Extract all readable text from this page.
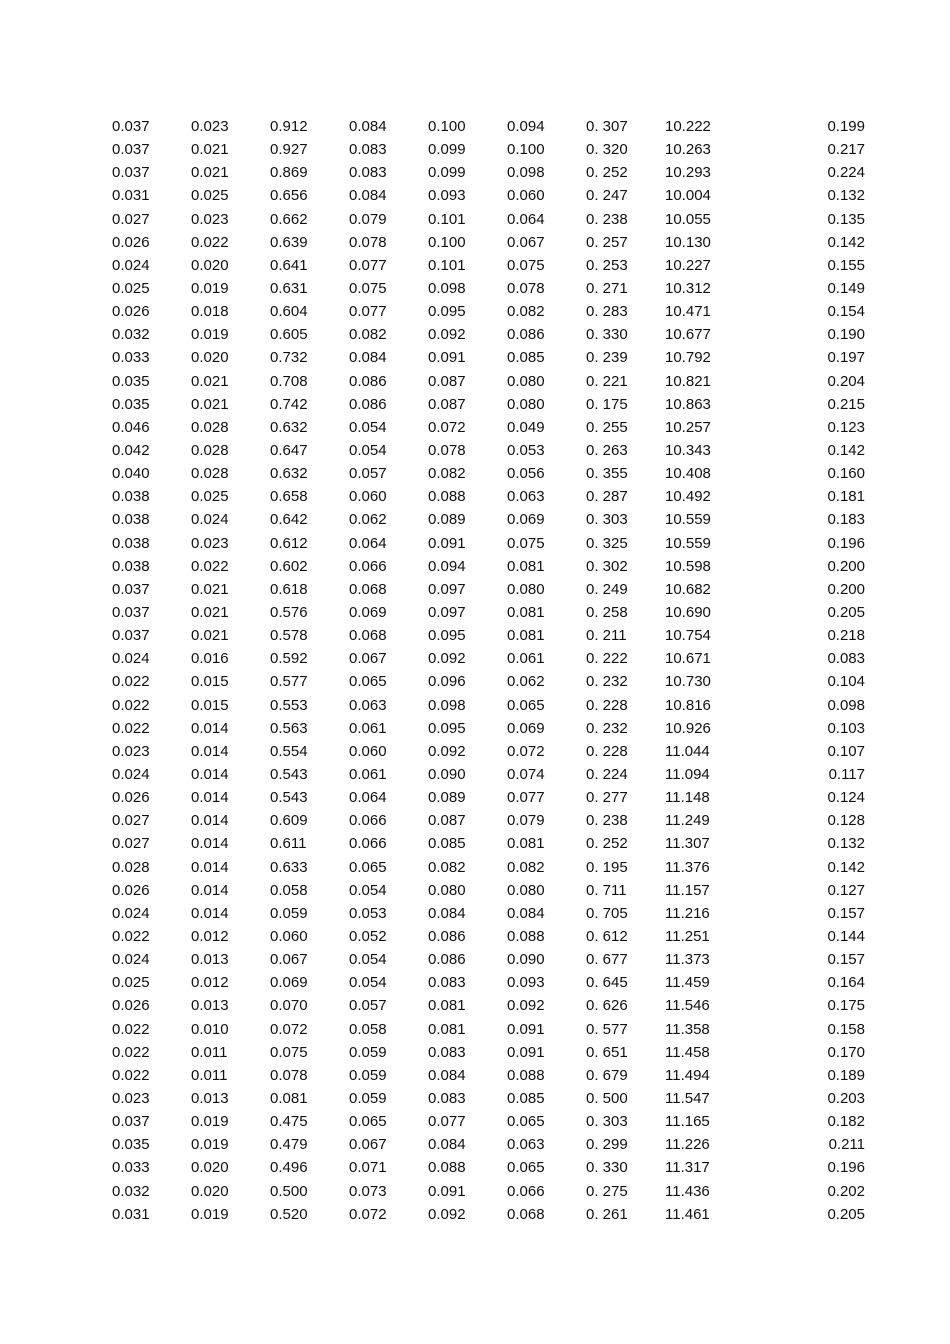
0.037	0.023	0.912	0.084	0.100	0.094	0. 307	10.222	0.199
0.037	0.021	0.927	0.083	0.099	0.100	0. 320	10.263	0.217
0.037	0.021	0.869	0.083	0.099	0.098	0. 252	10.293	0.224
0.031	0.025	0.656	0.084	0.093	0.060	0. 247	10.004	0.132
0.027	0.023	0.662	0.079	0.101	0.064	0. 238	10.055	0.135
0.026	0.022	0.639	0.078	0.100	0.067	0. 257	10.130	0.142
0.024	0.020	0.641	0.077	0.101	0.075	0. 253	10.227	0.155
0.025	0.019	0.631	0.075	0.098	0.078	0. 271	10.312	0.149
0.026	0.018	0.604	0.077	0.095	0.082	0. 283	10.471	0.154
0.032	0.019	0.605	0.082	0.092	0.086	0. 330	10.677	0.190
0.033	0.020	0.732	0.084	0.091	0.085	0. 239	10.792	0.197
0.035	0.021	0.708	0.086	0.087	0.080	0. 221	10.821	0.204
0.035	0.021	0.742	0.086	0.087	0.080	0. 175	10.863	0.215
0.046	0.028	0.632	0.054	0.072	0.049	0. 255	10.257	0.123
0.042	0.028	0.647	0.054	0.078	0.053	0. 263	10.343	0.142
0.040	0.028	0.632	0.057	0.082	0.056	0. 355	10.408	0.160
0.038	0.025	0.658	0.060	0.088	0.063	0. 287	10.492	0.181
0.038	0.024	0.642	0.062	0.089	0.069	0. 303	10.559	0.183
0.038	0.023	0.612	0.064	0.091	0.075	0. 325	10.559	0.196
0.038	0.022	0.602	0.066	0.094	0.081	0. 302	10.598	0.200
0.037	0.021	0.618	0.068	0.097	0.080	0. 249	10.682	0.200
0.037	0.021	0.576	0.069	0.097	0.081	0. 258	10.690	0.205
0.037	0.021	0.578	0.068	0.095	0.081	0. 211	10.754	0.218
0.024	0.016	0.592	0.067	0.092	0.061	0. 222	10.671	0.083
0.022	0.015	0.577	0.065	0.096	0.062	0. 232	10.730	0.104
0.022	0.015	0.553	0.063	0.098	0.065	0. 228	10.816	0.098
0.022	0.014	0.563	0.061	0.095	0.069	0. 232	10.926	0.103
0.023	0.014	0.554	0.060	0.092	0.072	0. 228	11.044	0.107
0.024	0.014	0.543	0.061	0.090	0.074	0. 224	11.094	0.117
0.026	0.014	0.543	0.064	0.089	0.077	0. 277	11.148	0.124
0.027	0.014	0.609	0.066	0.087	0.079	0. 238	11.249	0.128
0.027	0.014	0.611	0.066	0.085	0.081	0. 252	11.307	0.132
0.028	0.014	0.633	0.065	0.082	0.082	0. 195	11.376	0.142
0.026	0.014	0.058	0.054	0.080	0.080	0. 711	11.157	0.127
0.024	0.014	0.059	0.053	0.084	0.084	0. 705	11.216	0.157
0.022	0.012	0.060	0.052	0.086	0.088	0. 612	11.251	0.144
0.024	0.013	0.067	0.054	0.086	0.090	0. 677	11.373	0.157
0.025	0.012	0.069	0.054	0.083	0.093	0. 645	11.459	0.164
0.026	0.013	0.070	0.057	0.081	0.092	0. 626	11.546	0.175
0.022	0.010	0.072	0.058	0.081	0.091	0. 577	11.358	0.158
0.022	0.011	0.075	0.059	0.083	0.091	0. 651	11.458	0.170
0.022	0.011	0.078	0.059	0.084	0.088	0. 679	11.494	0.189
0.023	0.013	0.081	0.059	0.083	0.085	0. 500	11.547	0.203
0.037	0.019	0.475	0.065	0.077	0.065	0. 303	11.165	0.182
0.035	0.019	0.479	0.067	0.084	0.063	0. 299	11.226	0.211
0.033	0.020	0.496	0.071	0.088	0.065	0. 330	11.317	0.196
0.032	0.020	0.500	0.073	0.091	0.066	0. 275	11.436	0.202
0.031	0.019	0.520	0.072	0.092	0.068	0. 261	11.461	0.205
